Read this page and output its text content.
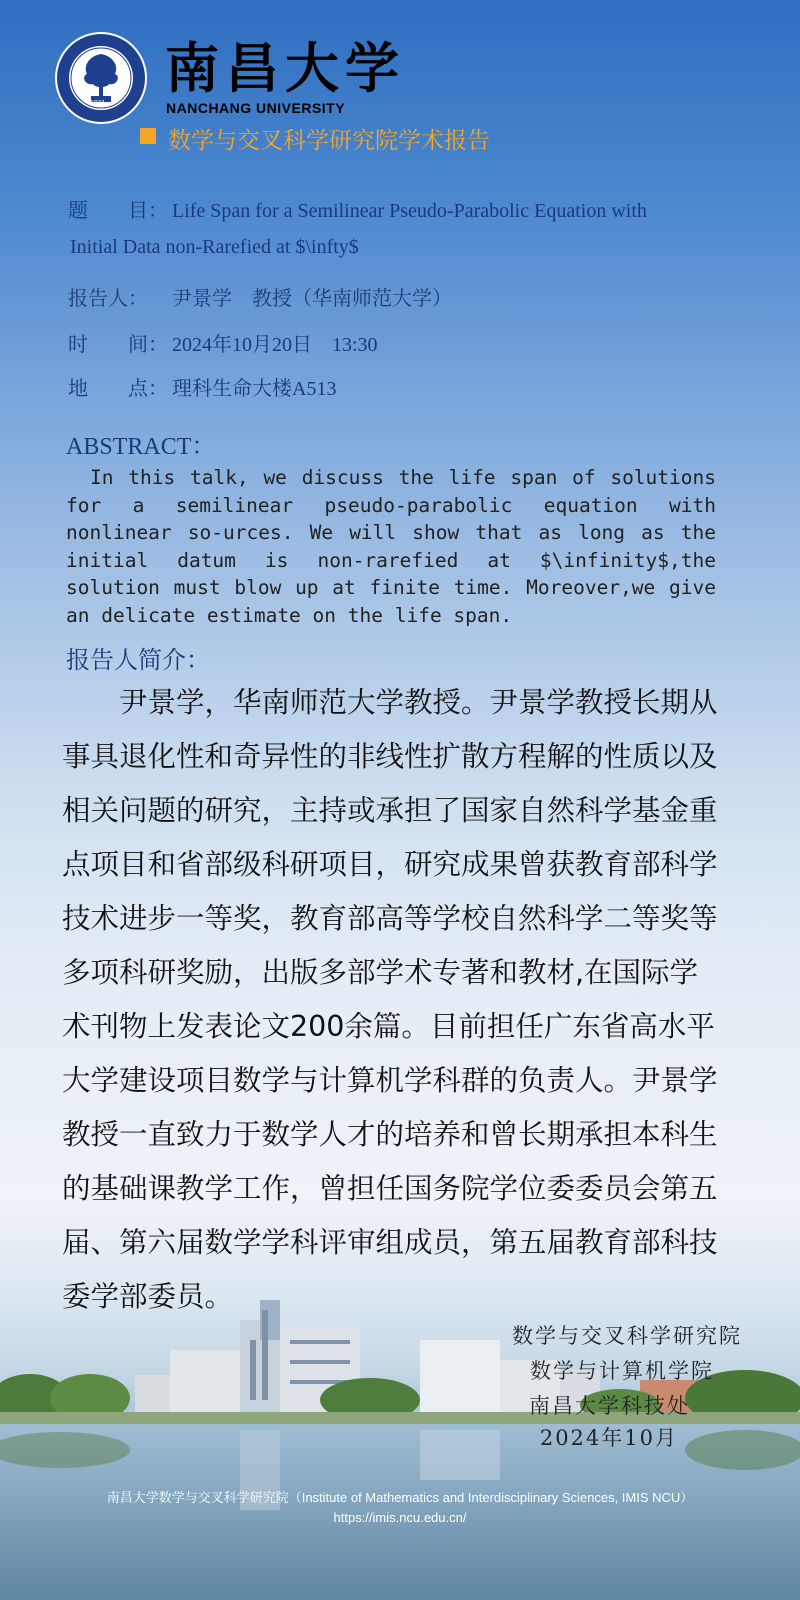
1921
南昌大学
NANCHANG UNIVERSITY
数学与交叉科学研究院学术报告
题　　目： Life Span for a Semilinear Pseudo-Parabolic Equation with
Initial Data non-Rarefied at $\infty$
报告人： 尹景学　教授（华南师范大学）
时　　间： 2024年10月20日　13:30
地　　点： 理科生命大楼A513
ABSTRACT：
In this talk, we discuss the life span of solutions for a semilinear pseudo-parabolic equation with nonlinear so-urces. We will show that as long as the initial datum is non-rarefied at $\infinity$,the solution must blow up at finite time. Moreover,we give an delicate estimate on the life span.
报告人简介：
尹景学，华南师范大学教授。尹景学教授长期从事具退化性和奇异性的非线性扩散方程解的性质以及相关问题的研究，主持或承担了国家自然科学基金重点项目和省部级科研项目，研究成果曾获教育部科学技术进步一等奖，教育部高等学校自然科学二等奖等多项科研奖励，出版多部学术专著和教材,在国际学术刊物上发表论文200余篇。目前担任广东省高水平大学建设项目数学与计算机学科群的负责人。尹景学教授一直致力于数学人才的培养和曾长期承担本科生的基础课教学工作，曾担任国务院学位委委员会第五届、第六届数学学科评审组成员，第五届教育部科技委学部委员。
数学与交叉科学研究院
数学与计算机学院
南昌大学科技处
2024年10月
南昌大学数学与交叉科学研究院（Institute of Mathematics and Interdisciplinary Sciences, IMIS NCU）
https://imis.ncu.edu.cn/
